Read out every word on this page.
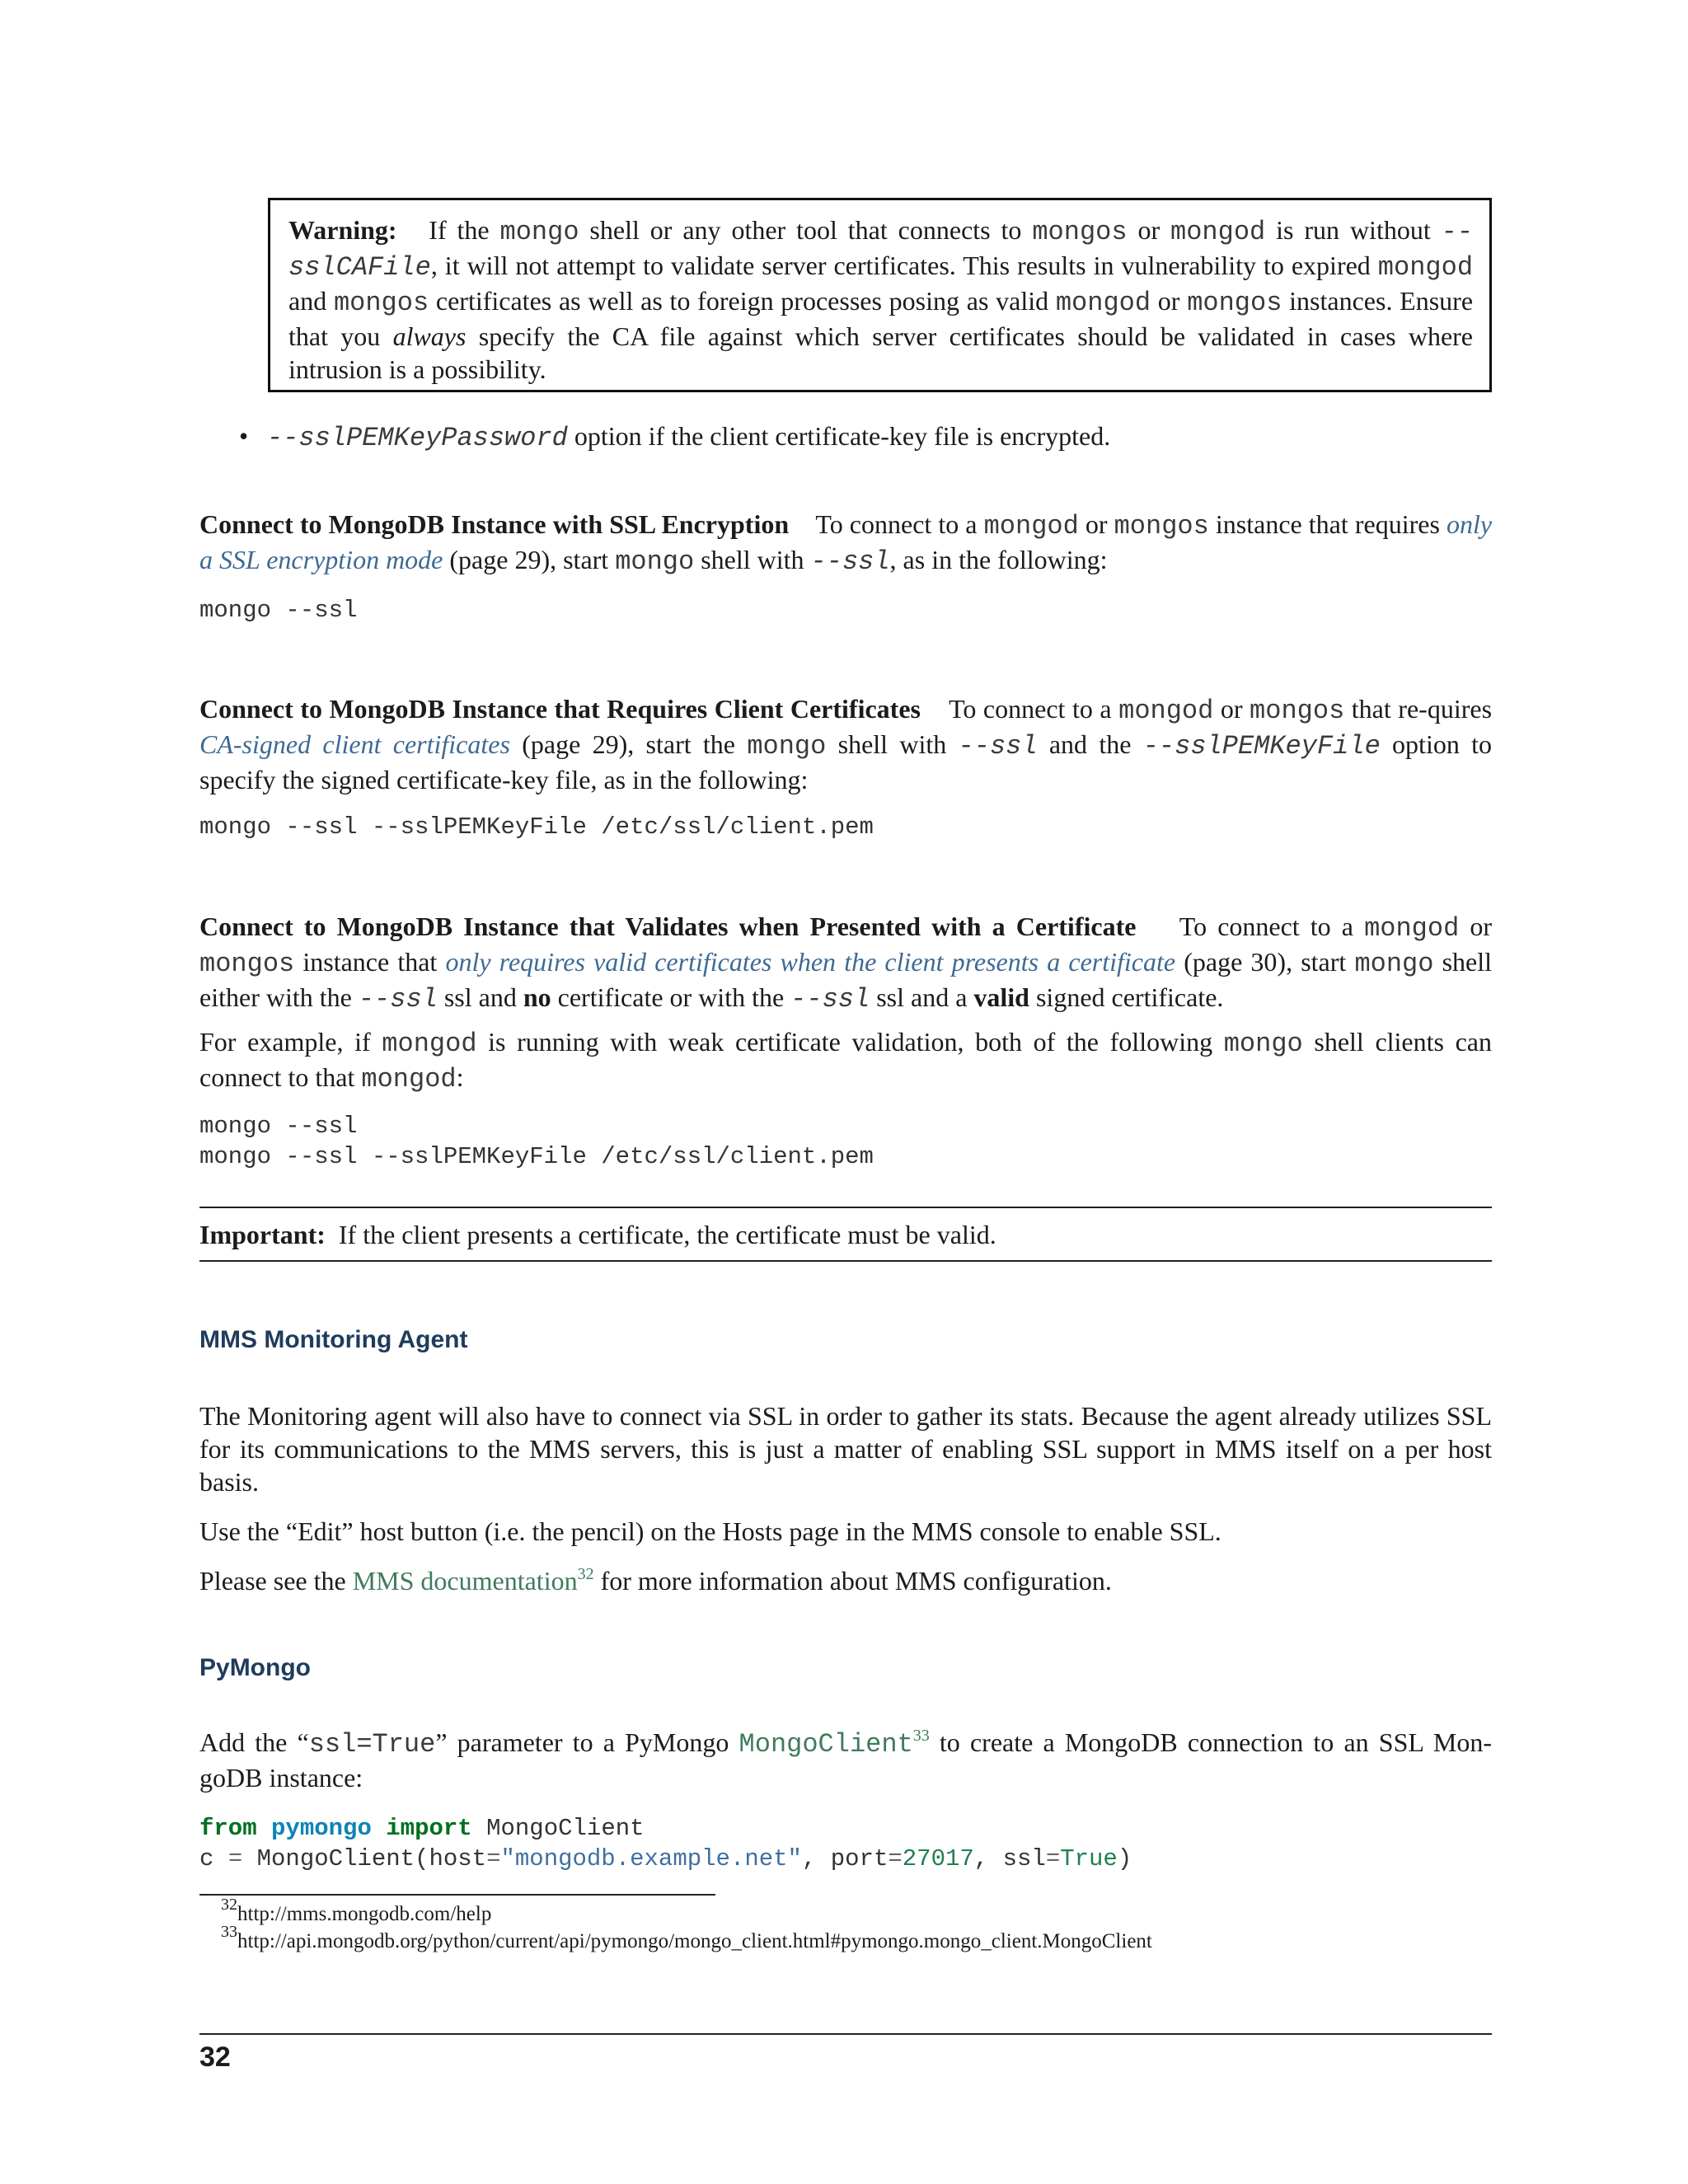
Warning: If the mongo shell or any other tool that connects to mongos or mongod is run without --sslCAFile, it will not attempt to validate server certificates. This results in vulnerability to expired mongod and mongos certificates as well as to foreign processes posing as valid mongod or mongos instances. Ensure that you always specify the CA file against which server certificates should be validated in cases where intrusion is a possibility.

• --sslPEMKeyPassword option if the client certificate-key file is encrypted.

Connect to MongoDB Instance with SSL Encryption To connect to a mongod or mongos instance that requires only a SSL encryption mode (page 29), start mongo shell with --ssl, as in the following:

mongo --ssl

Connect to MongoDB Instance that Requires Client Certificates To connect to a mongod or mongos that re-quires CA-signed client certificates (page 29), start the mongo shell with --ssl and the --sslPEMKeyFile option to specify the signed certificate-key file, as in the following:

mongo --ssl --sslPEMKeyFile /etc/ssl/client.pem

Connect to MongoDB Instance that Validates when Presented with a Certificate To connect to a mongod or mongos instance that only requires valid certificates when the client presents a certificate (page 30), start mongo shell either with the --ssl ssl and no certificate or with the --ssl ssl and a valid signed certificate.

For example, if mongod is running with weak certificate validation, both of the following mongo shell clients can connect to that mongod:

mongo --ssl
mongo --ssl --sslPEMKeyFile /etc/ssl/client.pem
Important: If the client presents a certificate, the certificate must be valid.
MMS Monitoring Agent

The Monitoring agent will also have to connect via SSL in order to gather its stats. Because the agent already utilizes SSL for its communications to the MMS servers, this is just a matter of enabling SSL support in MMS itself on a per host basis.

Use the “Edit” host button (i.e. the pencil) on the Hosts page in the MMS console to enable SSL.

Please see the MMS documentation$^{32}$ for more information about MMS configuration.

PyMongo

Add the “ssl=True” parameter to a PyMongo MongoClient$^{33}$ to create a MongoDB connection to an SSL Mon-goDB instance:

from pymongo import MongoClient
c = MongoClient(host="mongodb.example.net", port=27017, ssl=True)
$^{32}$http://mms.mongodb.com/help
$^{33}$http://api.mongodb.org/python/current/api/pymongo/mongo_client.html#pymongo.mongo_client.MongoClient
32
